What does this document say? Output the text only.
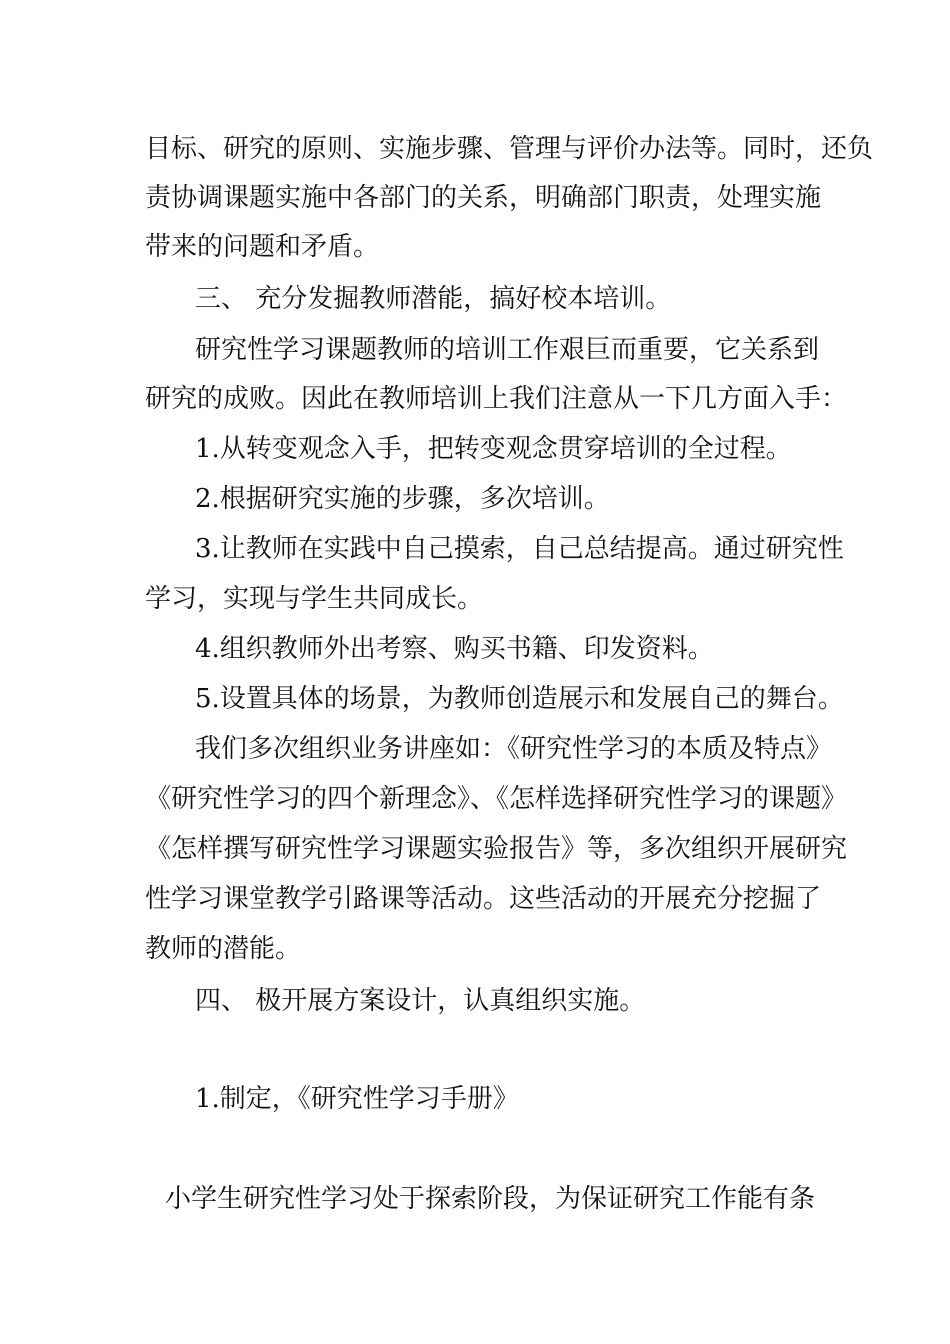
目标、研究的原则、实施步骤、管理与评价办法等。同时，还负
责协调课题实施中各部门的关系，明确部门职责，处理实施
带来的问题和矛盾。
三、 充分发掘教师潜能，搞好校本培训。
研究性学习课题教师的培训工作艰巨而重要，它关系到
研究的成败。因此在教师培训上我们注意从一下几方面入手：
1.从转变观念入手，把转变观念贯穿培训的全过程。
2.根据研究实施的步骤，多次培训。
3.让教师在实践中自己摸索，自己总结提高。通过研究性
学习，实现与学生共同成长。
4.组织教师外出考察、购买书籍、印发资料。
5.设置具体的场景，为教师创造展示和发展自己的舞台。
我们多次组织业务讲座如：《研究性学习的本质及特点》
《研究性学习的四个新理念》、《怎样选择研究性学习的课题》
《怎样撰写研究性学习课题实验报告》等，多次组织开展研究
性学习课堂教学引路课等活动。这些活动的开展充分挖掘了
教师的潜能。
四、 极开展方案设计，认真组织实施。
1.制定，《研究性学习手册》
小学生研究性学习处于探索阶段，为保证研究工作能有条
